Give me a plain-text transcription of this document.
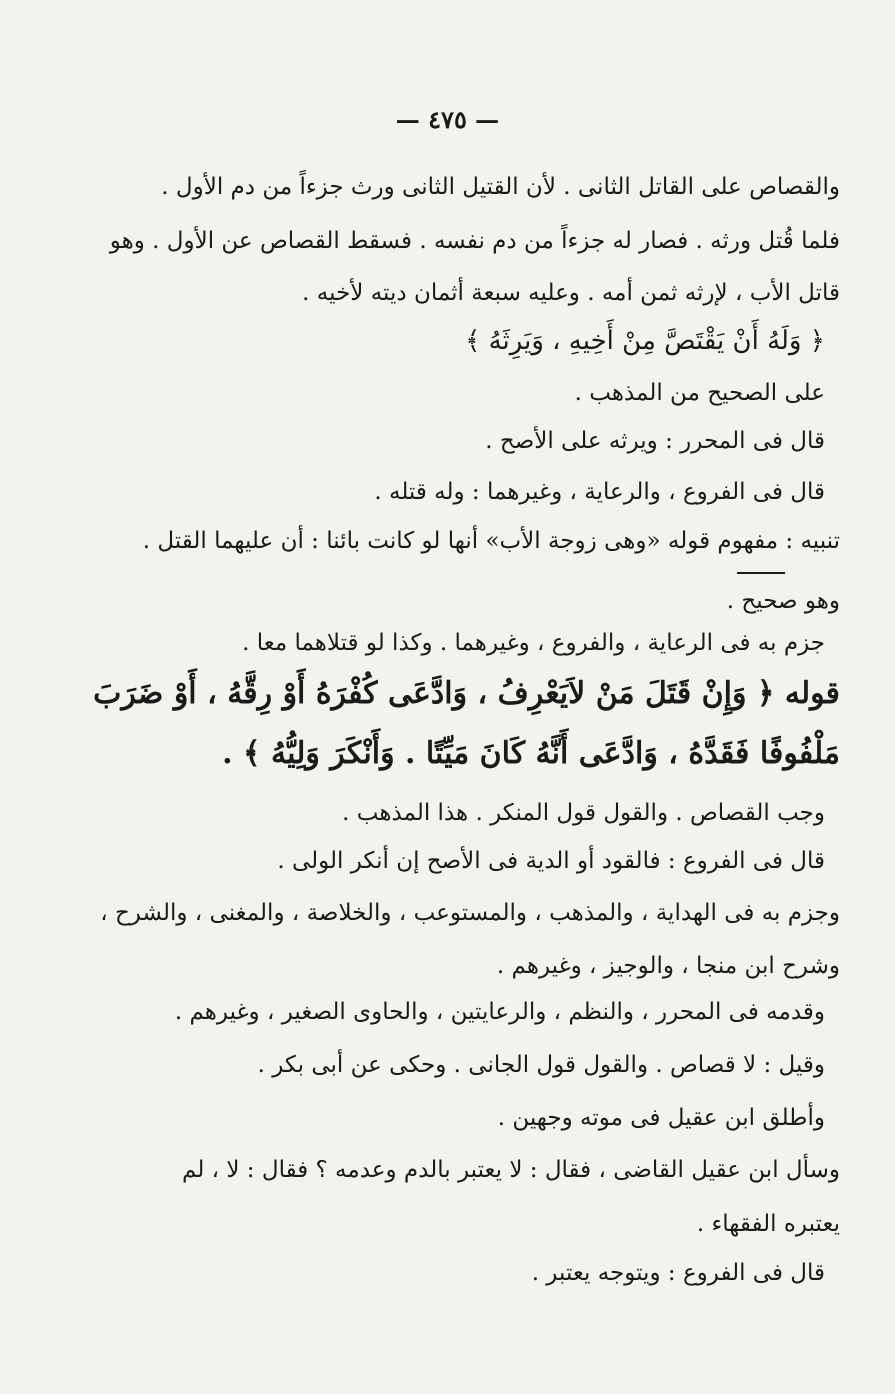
— ٤٧٥ —
والقصاص على القاتل الثانى . لأن القتيل الثانى ورث جزءاً من دم الأول .
فلما قُتل ورثه . فصار له جزءاً من دم نفسه . فسقط القصاص عن الأول . وهو
قاتل الأب ، لإرثه ثمن أمه . وعليه سبعة أثمان ديته لأخيه .
﴿ وَلَهُ أَنْ يَقْتَصَّ مِنْ أَخِيهِ ، وَيَرِثَهُ ﴾
على الصحيح من المذهب .
قال فى المحرر : ويرثه على الأصح .
قال فى الفروع ، والرعاية ، وغيرهما : وله قتله .
تنبيه : مفهوم قوله «وهى زوجة الأب» أنها لو كانت بائنا : أن عليهما القتل .
وهو صحيح .
جزم به فى الرعاية ، والفروع ، وغيرهما . وكذا لو قتلاهما معا .
قوله ﴿ وَإِنْ قَتَلَ مَنْ لاَيَعْرِفُ ، وَادَّعَى كُفْرَهُ أَوْ رِقَّهُ ، أَوْ ضَرَبَ
مَلْفُوفًا فَقَدَّهُ ، وَادَّعَى أَنَّهُ كَانَ مَيِّتًا . وَأَنْكَرَ وَلِيُّهُ ﴾ .
وجب القصاص . والقول قول المنكر . هذا المذهب .
قال فى الفروع : فالقود أو الدية فى الأصح إن أنكر الولى .
وجزم به فى الهداية ، والمذهب ، والمستوعب ، والخلاصة ، والمغنى ، والشرح ،
وشرح ابن منجا ، والوجيز ، وغيرهم .
وقدمه فى المحرر ، والنظم ، والرعايتين ، والحاوى الصغير ، وغيرهم .
وقيل : لا قصاص . والقول قول الجانى . وحكى عن أبى بكر .
وأطلق ابن عقيل فى موته وجهين .
وسأل ابن عقيل القاضى ، فقال : لا يعتبر بالدم وعدمه ؟ فقال : لا ، لم
يعتبره الفقهاء .
قال فى الفروع : ويتوجه يعتبر .
